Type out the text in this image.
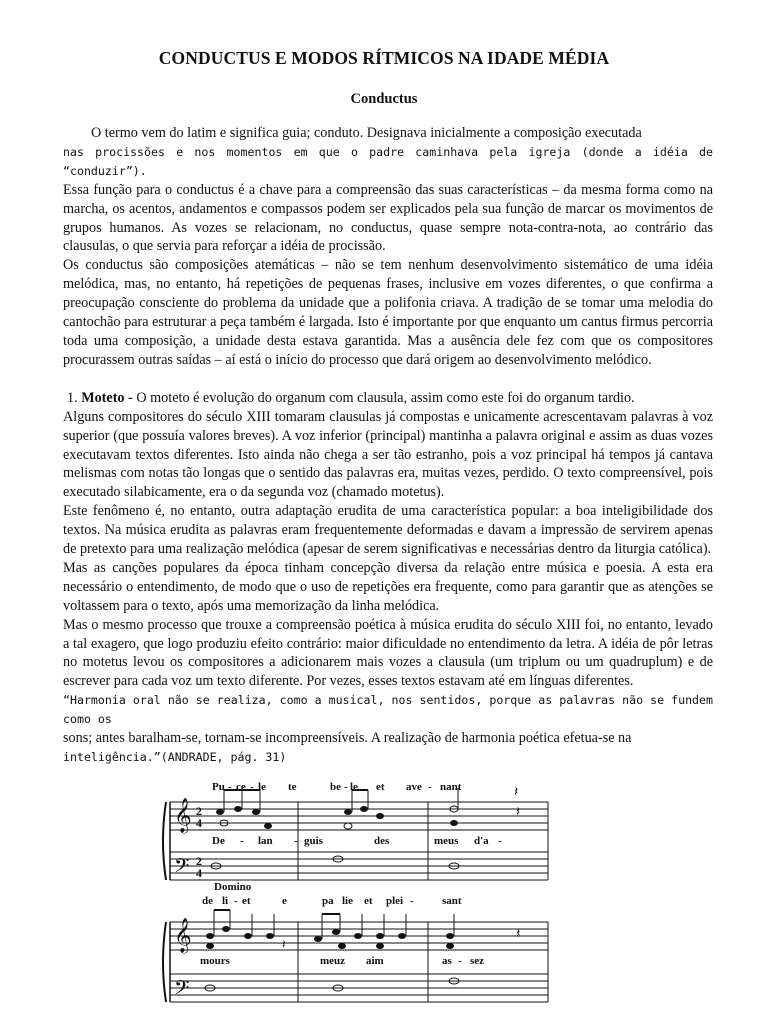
CONDUCTUS E MODOS RÍTMICOS NA IDADE MÉDIA
Conductus

O termo vem do latim e significa guia; conduto. Designava inicialmente a composição executada

nas procissões e nos momentos em que o padre caminhava pela igreja (donde a idéia de “conduzir”).

Essa função para o conductus é a chave para a compreensão das suas características – da mesma forma como na marcha, os acentos, andamentos e compassos podem ser explicados pela sua função de marcar os movimentos de grupos humanos. As vozes se relacionam, no conductus, quase sempre nota-contra-nota, ao contrário das clausulas, o que servia para reforçar a idéia de procissão.

Os conductus são composições atemáticas – não se tem nenhum desenvolvimento sistemático de uma idéia melódica, mas, no entanto, há repetições de pequenas frases, inclusive em vozes diferentes, o que confirma a preocupação consciente do problema da unidade que a polifonia criava. A tradição de se tomar uma melodia do cantochão para estruturar a peça também é largada. Isto é importante por que enquanto um cantus firmus percorria toda uma composição, a unidade desta estava garantida. Mas a ausência dele fez com que os compositores procurassem outras saídas – aí está o início do processo que dará origem ao desenvolvimento melódico.

1. Moteto - O moteto é evolução do organum com clausula, assim como este foi do organum tardio.

Alguns compositores do século XIII tomaram clausulas já compostas e unicamente acrescentavam palavras à voz superior (que possuía valores breves). A voz inferior (principal) mantinha a palavra original e assim as duas vozes executavam textos diferentes. Isto ainda não chega a ser tão estranho, pois a voz principal há tempos já cantava melismas com notas tão longas que o sentido das palavras era, muitas vezes, perdido. O texto compreensível, pois executado silabicamente, era o da segunda voz (chamado motetus).

Este fenômeno é, no entanto, outra adaptação erudita de uma característica popular: a boa inteligibilidade dos textos. Na música erudita as palavras eram frequentemente deformadas e davam a impressão de servirem apenas de pretexto para uma realização melódica (apesar de serem significativas e necessárias dentro da liturgia católica).

Mas as canções populares da época tinham concepção diversa da relação entre música e poesia. A esta era necessário o entendimento, de modo que o uso de repetições era frequente, como para garantir que as atenções se voltassem para o texto, após uma memorização da linha melódica.

Mas o mesmo processo que trouxe a compreensão poética à música erudita do século XIII foi, no entanto, levado a tal exagero, que logo produziu efeito contrário: maior dificuldade no entendimento da letra. A idéia de pôr letras no motetus levou os compositores a adicionarem mais vozes a clausula (um triplum ou um quadruplum) e de escrever para cada voz um texto diferente. Por vezes, esses textos estavam até em línguas diferentes.

“Harmonia oral não se realiza, como a musical, nos sentidos, porque as palavras não se fundem como os

sons; antes baralham-se, tornam-se incompreensíveis. A realização de harmonia poética efetua-se na

inteligência.”(ANDRADE, pág. 31)

𝄞
𝄢
2
4
2
4
𝄽
𝄽
Pu - ce - le te	be - le et ave - nant
De - lan - guis	des	meus d'a -
𝄞
𝄢
𝄽
𝄽
Domino
de li - et	e	pa lie et plei -	sant
mours	meuz aim	as - sez
